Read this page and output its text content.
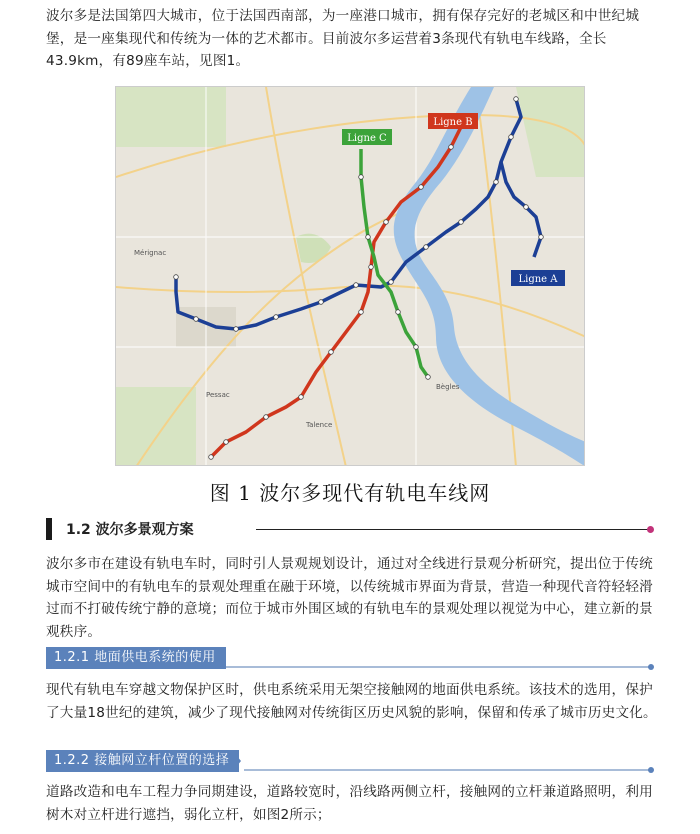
波尔多是法国第四大城市，位于法国西南部，为一座港口城市，拥有保存完好的老城区和中世纪城堡，是一座集现代和传统为一体的艺术都市。目前波尔多运营着3条现代有轨电车线路，全长43.9km，有89座车站，见图1。

Mérignac
Pessac
Talence
Bègles
Ligne C
Ligne B
Ligne A
图 1 波尔多现代有轨电车线网
1.2 波尔多景观方案

波尔多市在建设有轨电车时，同时引人景观规划设计，通过对全线进行景观分析研究，提出位于传统城市空间中的有轨电车的景观处理重在融于环境，以传统城市界面为背景，营造一种现代音符轻轻滑过而不打破传统宁静的意境；而位于城市外围区域的有轨电车的景观处理以视觉为中心，建立新的景观秩序。

1.2.1 地面供电系统的使用

现代有轨电车穿越文物保护区时，供电系统采用无架空接触网的地面供电系统。该技术的选用，保护了大量18世纪的建筑，减少了现代接触网对传统街区历史风貌的影响，保留和传承了城市历史文化。

1.2.2 接触网立杆位置的选择

道路改造和电车工程力争同期建设，道路较宽时，沿线路两侧立杆，接触网的立杆兼道路照明，利用树木对立杆进行遮挡，弱化立杆，如图2所示；
